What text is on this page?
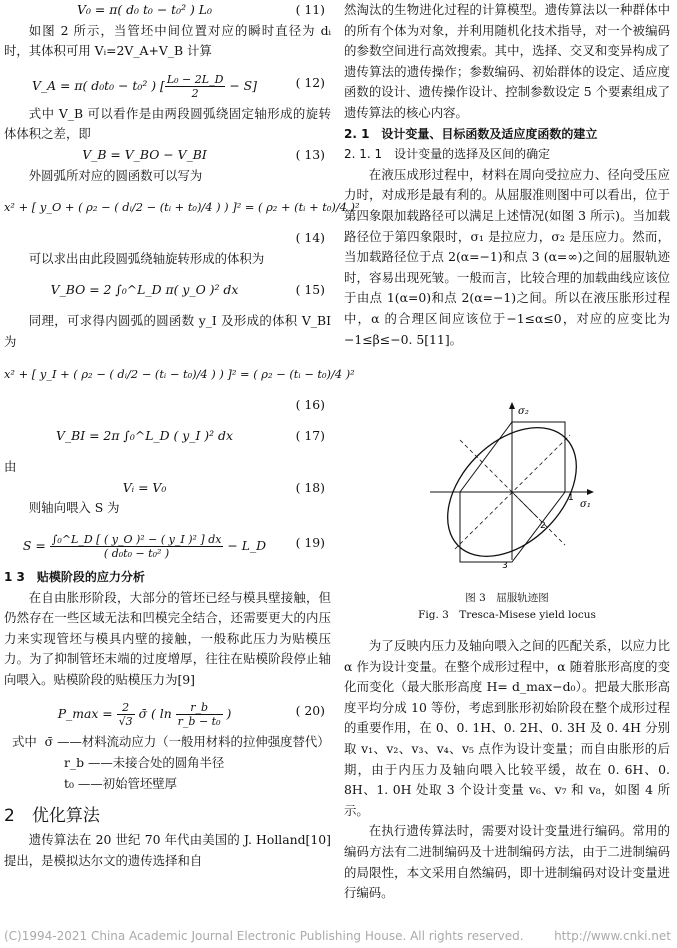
V₀ = π( d₀ t₀ − t₀² ) L₀	( 11)

如图 2 所示，当管坯中间位置对应的瞬时直径为 dᵢ 时，其体积可用 Vᵢ=2V_A+V_B 计算

V_A = π( d₀t₀ − t₀² ) [ $\frac{\text{L₀ − 2L\_D}}{2} - S$]	( 12)

式中 V_B 可以看作是由两段圆弧绕固定轴形成的旋转体体积之差，即

V_B = V_BO − V_BI	( 13)

外圆弧所对应的圆函数可以写为

x² + [ y_O + ( ρ₂ − ( dᵢ/2 − (tᵢ + t₀)/4 ) ) ]² = ( ρ₂ + (tᵢ + t₀)/4 )²
( 14)

可以求出由此段圆弧绕轴旋转形成的体积为

V_BO = 2 ∫₀^L_D π( y_O )² dx	( 15)

同理，可求得内圆弧的圆函数 y_I 及形成的体积 V_BI 为

x² + [ y_I + ( ρ₂ − ( dᵢ/2 − (tᵢ − t₀)/4 ) ) ]² = ( ρ₂ − (tᵢ − t₀)/4 )²
( 16)
V_BI = 2π ∫₀^L_D ( y_I )² dx	( 17)

由

Vᵢ = V₀	( 18)

则轴向喂入 S 为

$S = \frac{\text{∫₀\textasciicircum{}L\_D [ ( y\_O )² − ( y\_I )² ] dx}}{\text{( d₀t₀ − t₀² )}}$ − L_D	( 19)

1 3　贴模阶段的应力分析

在自由胀形阶段，大部分的管坯已经与模具壁接触，但仍然存在一些区域无法和凹模完全结合，还需要更大的内压力来实现管坯与模具内壁的接触，一般称此压力为贴模压力。为了抑制管坯末端的过度增厚，往往在贴模阶段停止轴向喂入。贴模阶段的贴模压力为[9]

P_max = $\frac{2}{√3}$ σ̄ ( $\ln \frac{r\_b}{\text{r\_b − t₀}}$ )	( 20)

式中 σ̄ ——材料流动应力（一般用材料的拉伸强度替代）

r_b ——未接合处的圆角半径

t₀ ——初始管坯壁厚

2　优化算法

遗传算法在 20 世纪 70 年代由美国的 J. Holland[10] 提出，是模拟达尔文的遗传选择和自

然淘汰的生物进化过程的计算模型。遗传算法以一种群体中的所有个体为对象，并利用随机化技术指导，对一个被编码的参数空间进行高效搜索。其中，选择、交叉和变异构成了遗传算法的遗传操作；参数编码、初始群体的设定、适应度函数的设计、遗传操作设计、控制参数设定 5 个要素组成了遗传算法的核心内容。

2. 1　设计变量、目标函数及适应度函数的建立

2. 1. 1　设计变量的选择及区间的确定

在液压成形过程中，材料在周向受拉应力、径向受压应力时，对成形是最有利的。从屈服准则图中可以看出，位于第四象限加载路径可以满足上述情况(如图 3 所示)。当加载路径位于第四象限时，σ₁ 是拉应力，σ₂ 是压应力。然而，当加载路径位于点 2(α=−1)和点 3 (α=∞)之间的屈服轨迹时，容易出现死皱。一般而言，比较合理的加载曲线应该位于由点 1(α=0)和点 2(α=−1)之间。所以在液压胀形过程中，α 的合理区间应该位于−1≤α≤0，对应的应变比为−1≤β≤−0. 5[11]。

σ₂
σ₁
1
2
3
图 3　屈服轨迹图
Fig. 3　Tresca-Misese yield locus

为了反映内压力及轴向喂入之间的匹配关系，以应力比 α 作为设计变量。在整个成形过程中，α 随着胀形高度的变化而变化（最大胀形高度 H= d_max−d₀）。把最大胀形高度平均分成 10 等份，考虑到胀形初始阶段在整个成形过程的重要作用，在 0、0. 1H、0. 2H、0. 3H 及 0. 4H 分别取 v₁、v₂、v₃、v₄、v₅ 点作为设计变量；而自由胀形的后期，由于内压力及轴向喂入比较平缓，故在 0. 6H、0. 8H、1. 0H 处取 3 个设计变量 v₆、v₇ 和 v₈，如图 4 所示。

在执行遗传算法时，需要对设计变量进行编码。常用的编码方法有二进制编码及十进制编码方法，由于二进制编码的局限性，本文采用自然编码，即十进制编码对设计变量进行编码。

(C)1994-2021 China Academic Journal Electronic Publishing House. All rights reserved.	http://www.cnki.net
